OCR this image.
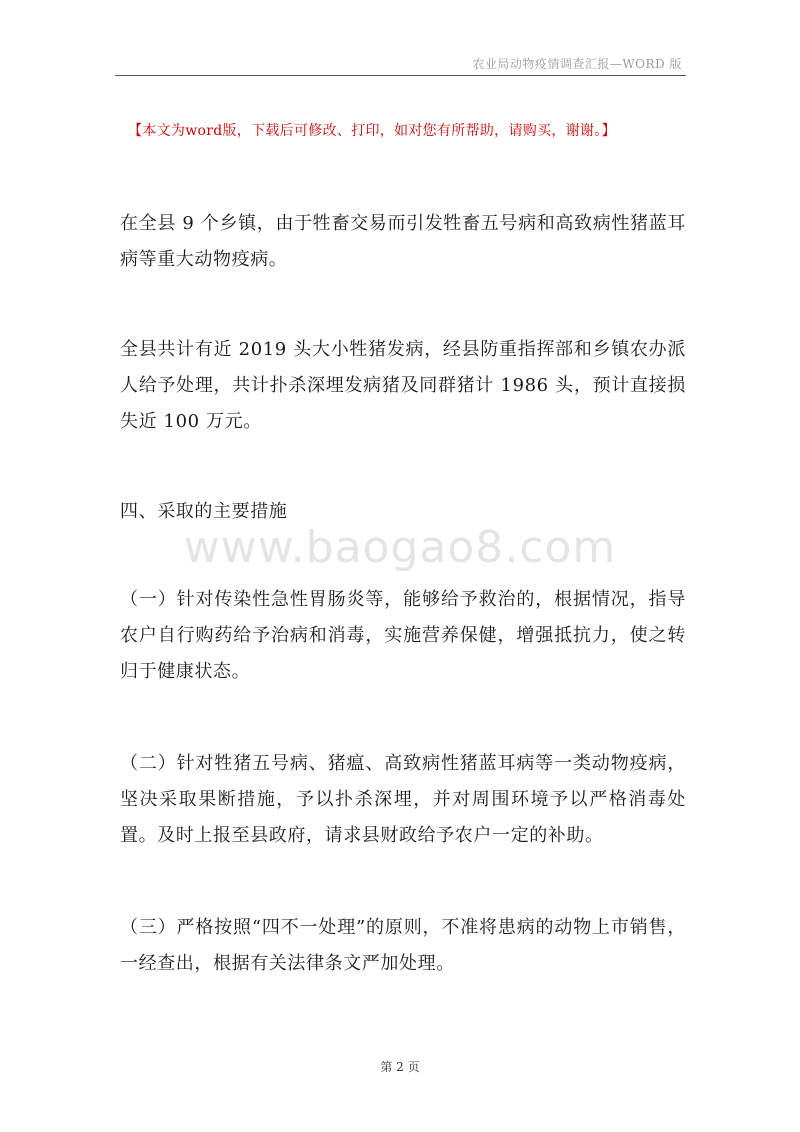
农业局动物疫情调查汇报—WORD 版
【本文为word版，下载后可修改、打印，如对您有所帮助，请购买，谢谢。】

在全县 9 个乡镇，由于牲畜交易而引发牲畜五号病和高致病性猪蓝耳病等重大动物疫病。

全县共计有近 2019 头大小牲猪发病，经县防重指挥部和乡镇农办派人给予处理，共计扑杀深埋发病猪及同群猪计 1986 头，预计直接损失近 100 万元。

四、采取的主要措施

www.baogao8.com

（一）针对传染性急性胃肠炎等，能够给予救治的，根据情况，指导农户自行购药给予治病和消毒，实施营养保健，增强抵抗力，使之转归于健康状态。

（二）针对牲猪五号病、猪瘟、高致病性猪蓝耳病等一类动物疫病，坚决采取果断措施，予以扑杀深埋，并对周围环境予以严格消毒处置。及时上报至县政府，请求县财政给予农户一定的补助。

（三）严格按照“四不一处理”的原则，不准将患病的动物上市销售，一经查出，根据有关法律条文严加处理。

第 2 页
